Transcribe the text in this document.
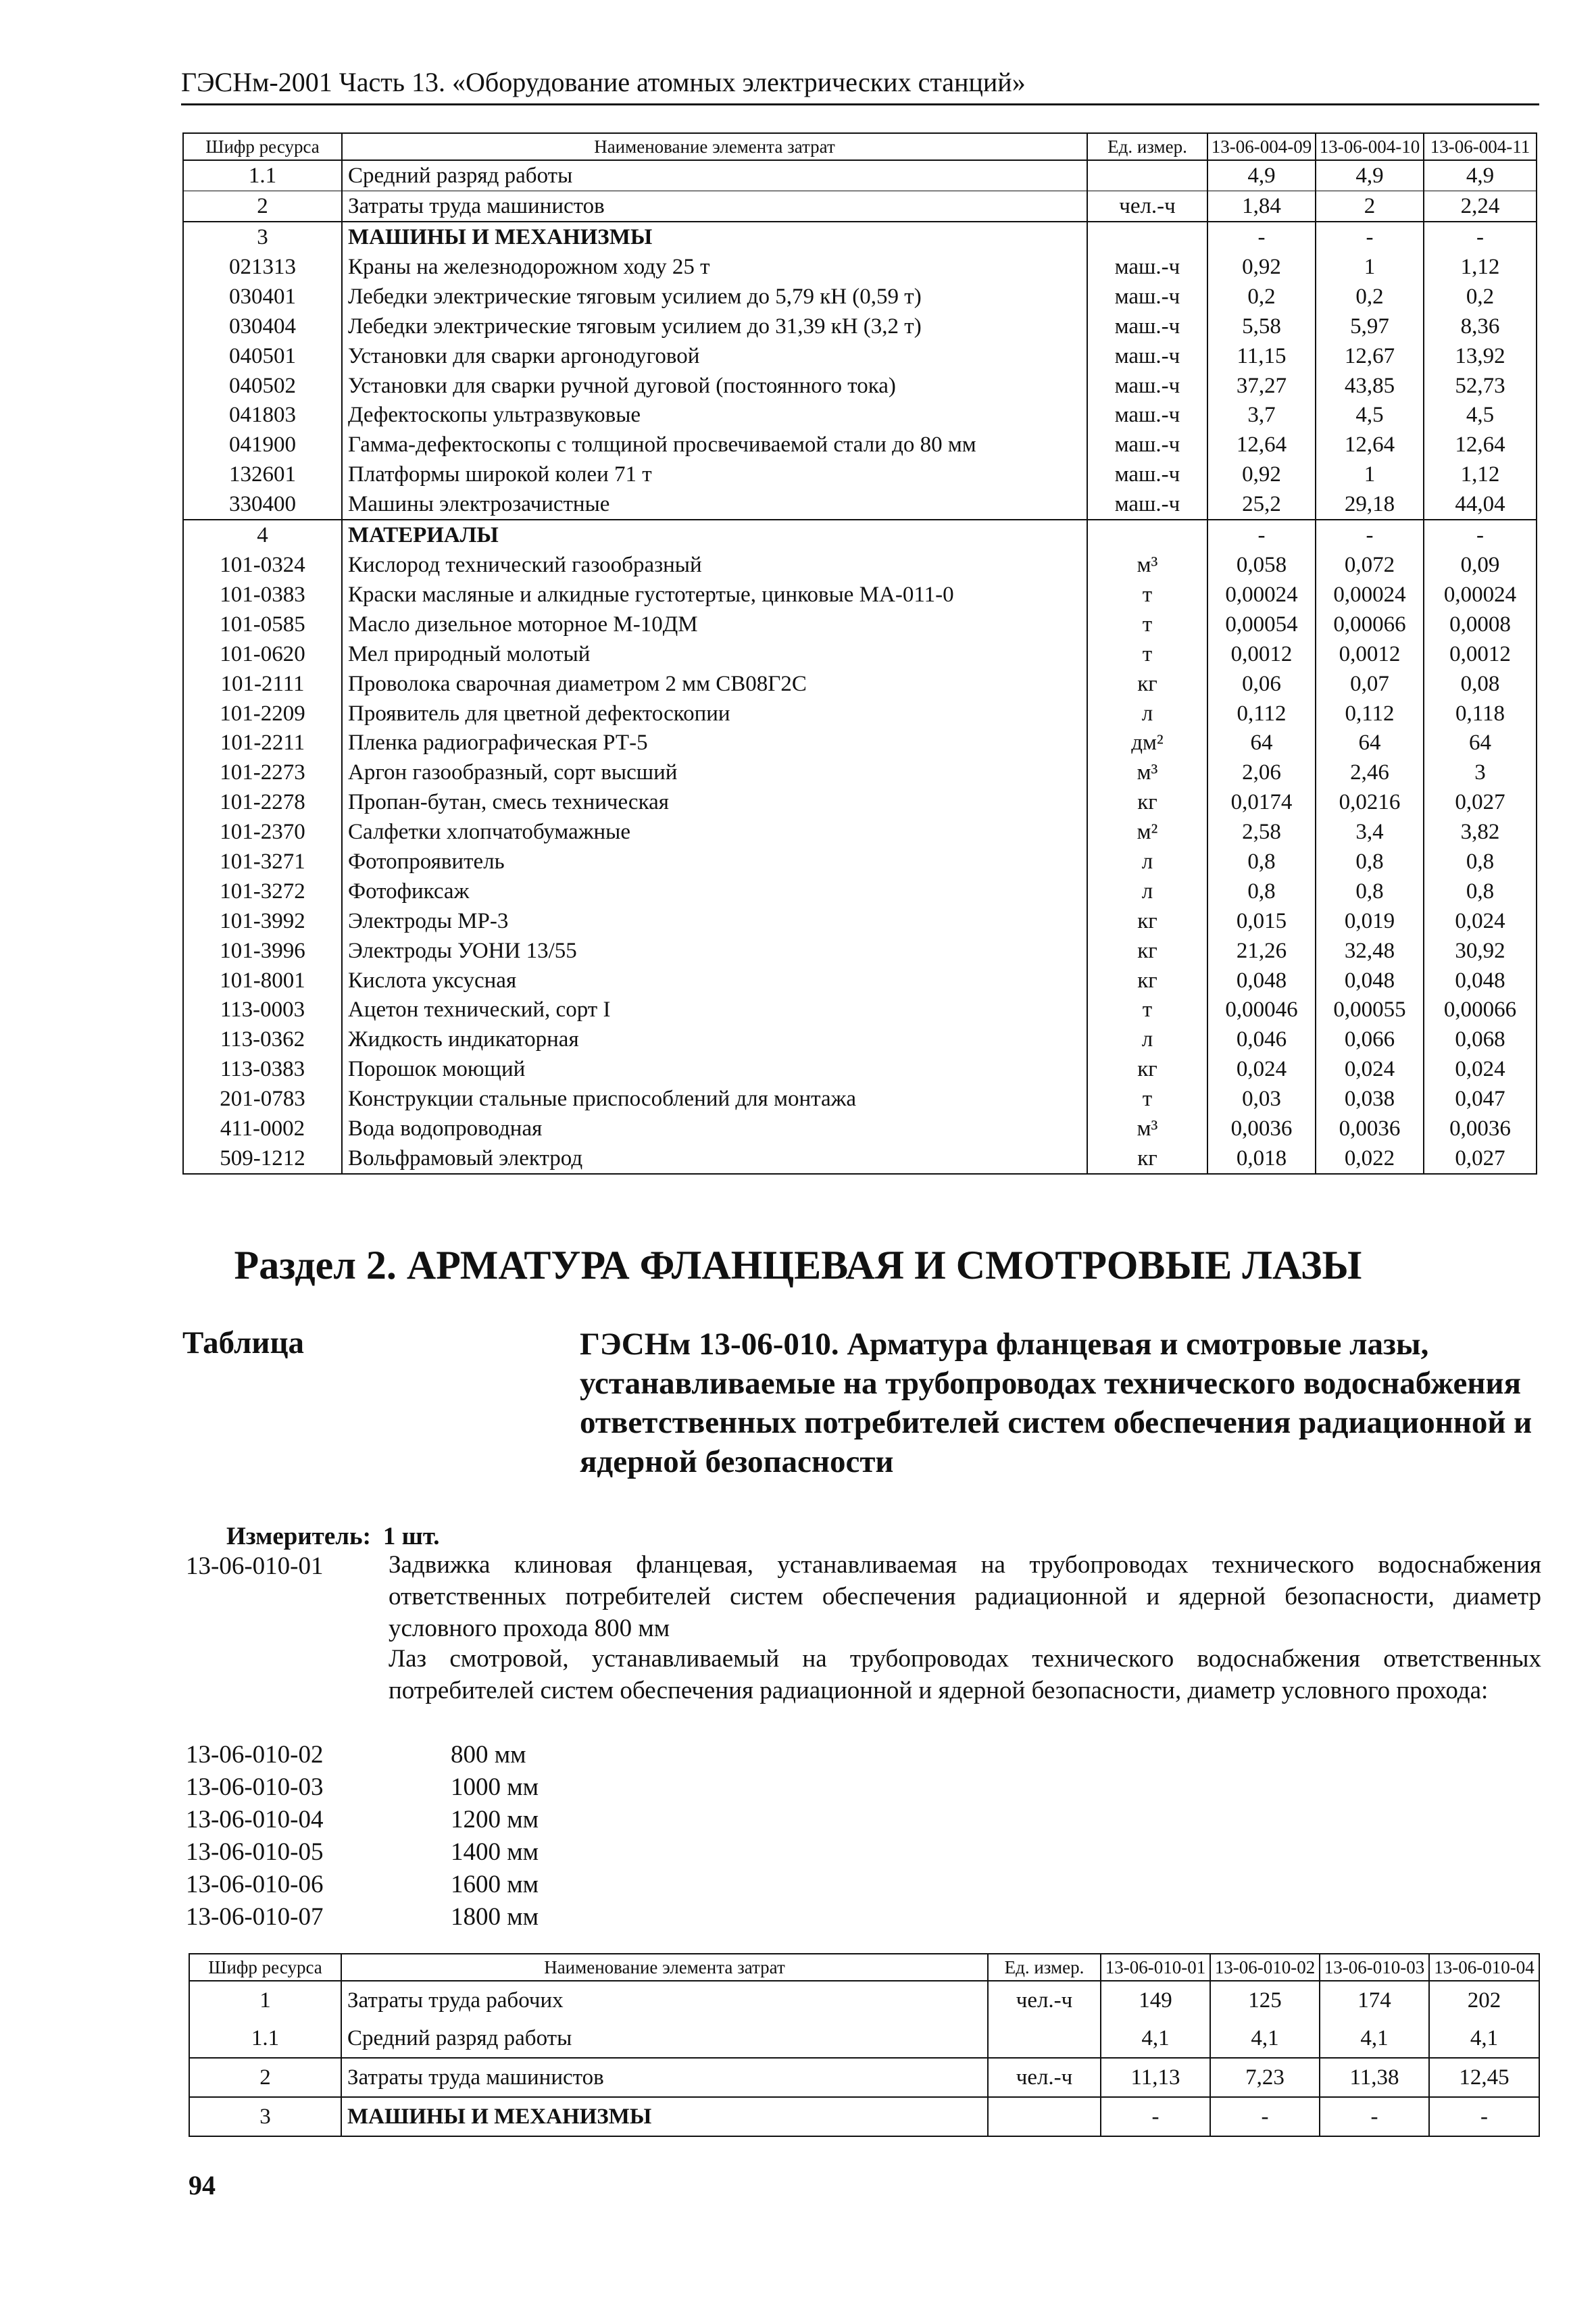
ГЭСНм-2001 Часть 13. «Оборудование атомных электрических станций»
Шифр ресурса	Наименование элемента затрат	Ед. измер.	13-06-004-09	13-06-004-10	13-06-004-11
1.1	Средний разряд работы		4,9	4,9	4,9
2	Затраты труда машинистов	чел.-ч	1,84	2	2,24
3	МАШИНЫ И МЕХАНИЗМЫ		-	-	-
021313	Краны на железнодорожном ходу 25 т	маш.-ч	0,92	1	1,12
030401	Лебедки электрические тяговым усилием до 5,79 кН (0,59 т)	маш.-ч	0,2	0,2	0,2
030404	Лебедки электрические тяговым усилием до 31,39 кН (3,2 т)	маш.-ч	5,58	5,97	8,36
040501	Установки для сварки аргонодуговой	маш.-ч	11,15	12,67	13,92
040502	Установки для сварки ручной дуговой (постоянного тока)	маш.-ч	37,27	43,85	52,73
041803	Дефектоскопы ультразвуковые	маш.-ч	3,7	4,5	4,5
041900	Гамма-дефектоскопы с толщиной просвечиваемой стали до 80 мм	маш.-ч	12,64	12,64	12,64
132601	Платформы широкой колеи 71 т	маш.-ч	0,92	1	1,12
330400	Машины электрозачистные	маш.-ч	25,2	29,18	44,04
4	МАТЕРИАЛЫ		-	-	-
101-0324	Кислород технический газообразный	м³	0,058	0,072	0,09
101-0383	Краски масляные и алкидные густотертые, цинковые МА-011-0	т	0,00024	0,00024	0,00024
101-0585	Масло дизельное моторное М-10ДМ	т	0,00054	0,00066	0,0008
101-0620	Мел природный молотый	т	0,0012	0,0012	0,0012
101-2111	Проволока сварочная диаметром 2 мм СВ08Г2С	кг	0,06	0,07	0,08
101-2209	Проявитель для цветной дефектоскопии	л	0,112	0,112	0,118
101-2211	Пленка радиографическая РТ-5	дм²	64	64	64
101-2273	Аргон газообразный, сорт высший	м³	2,06	2,46	3
101-2278	Пропан-бутан, смесь техническая	кг	0,0174	0,0216	0,027
101-2370	Салфетки хлопчатобумажные	м²	2,58	3,4	3,82
101-3271	Фотопроявитель	л	0,8	0,8	0,8
101-3272	Фотофиксаж	л	0,8	0,8	0,8
101-3992	Электроды МР-3	кг	0,015	0,019	0,024
101-3996	Электроды УОНИ 13/55	кг	21,26	32,48	30,92
101-8001	Кислота уксусная	кг	0,048	0,048	0,048
113-0003	Ацетон технический, сорт I	т	0,00046	0,00055	0,00066
113-0362	Жидкость индикаторная	л	0,046	0,066	0,068
113-0383	Порошок моющий	кг	0,024	0,024	0,024
201-0783	Конструкции стальные приспособлений для монтажа	т	0,03	0,038	0,047
411-0002	Вода водопроводная	м³	0,0036	0,0036	0,0036
509-1212	Вольфрамовый электрод	кг	0,018	0,022	0,027
Раздел 2. АРМАТУРА ФЛАНЦЕВАЯ И СМОТРОВЫЕ ЛАЗЫ
Таблица	ГЭСНм 13-06-010. Арматура фланцевая и смотровые лазы, устанавливаемые на трубопроводах технического водоснабжения ответственных потребителей систем обеспечения радиационной и ядерной безопасности
Измеритель: 1 шт.
13-06-010-01	Задвижка клиновая фланцевая, устанавливаемая на трубопроводах технического водоснабжения ответственных потребителей систем обеспечения радиационной и ядерной безопасности, диаметр условного прохода 800 мм
Лаз смотровой, устанавливаемый на трубопроводах технического водоснабжения ответственных потребителей систем обеспечения радиационной и ядерной безопасности, диаметр условного прохода:
13-06-010-02	800 мм
13-06-010-03	1000 мм
13-06-010-04	1200 мм
13-06-010-05	1400 мм
13-06-010-06	1600 мм
13-06-010-07	1800 мм
Шифр ресурса	Наименование элемента затрат	Ед. измер.	13-06-010-01	13-06-010-02	13-06-010-03	13-06-010-04
1	Затраты труда рабочих	чел.-ч	149	125	174	202
1.1	Средний разряд работы		4,1	4,1	4,1	4,1
2	Затраты труда машинистов	чел.-ч	11,13	7,23	11,38	12,45
3	МАШИНЫ И МЕХАНИЗМЫ		-	-	-	-
94
